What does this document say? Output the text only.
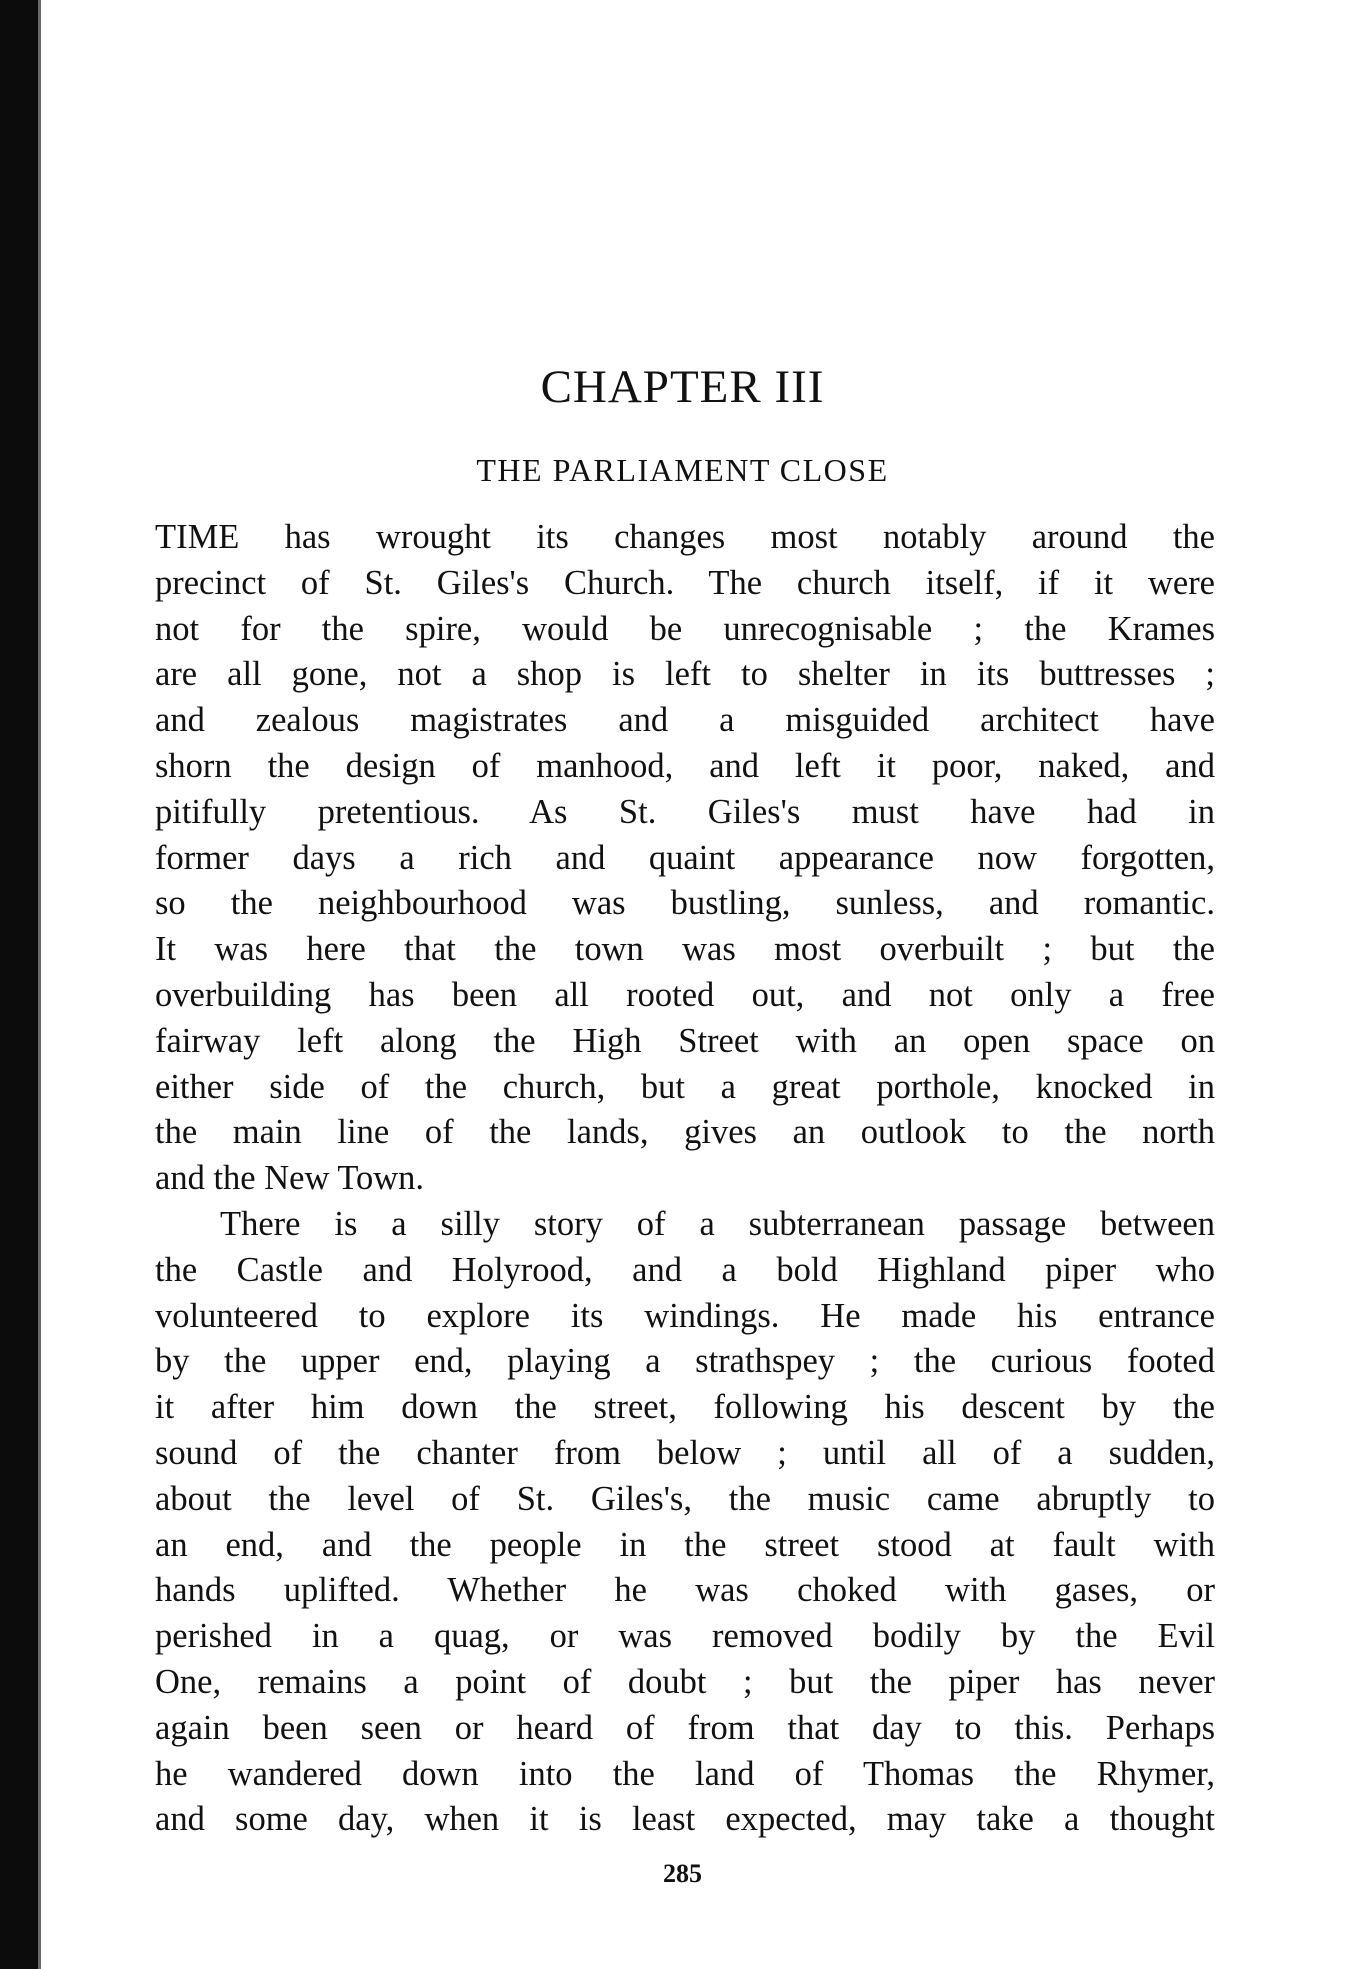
CHAPTER III
THE PARLIAMENT CLOSE
TIME has wrought its changes most notably around the
precinct of St. Giles's Church. The church itself, if it were
not for the spire, would be unrecognisable ; the Krames
are all gone, not a shop is left to shelter in its buttresses ;
and zealous magistrates and a misguided architect have
shorn the design of manhood, and left it poor, naked, and
pitifully pretentious. As St. Giles's must have had in
former days a rich and quaint appearance now forgotten,
so the neighbourhood was bustling, sunless, and romantic.
It was here that the town was most overbuilt ; but the
overbuilding has been all rooted out, and not only a free
fairway left along the High Street with an open space on
either side of the church, but a great porthole, knocked in
the main line of the lands, gives an outlook to the north
and the New Town.
There is a silly story of a subterranean passage between
the Castle and Holyrood, and a bold Highland piper who
volunteered to explore its windings. He made his entrance
by the upper end, playing a strathspey ; the curious footed
it after him down the street, following his descent by the
sound of the chanter from below ; until all of a sudden,
about the level of St. Giles's, the music came abruptly to
an end, and the people in the street stood at fault with
hands uplifted. Whether he was choked with gases, or
perished in a quag, or was removed bodily by the Evil
One, remains a point of doubt ; but the piper has never
again been seen or heard of from that day to this. Perhaps
he wandered down into the land of Thomas the Rhymer,
and some day, when it is least expected, may take a thought
285
